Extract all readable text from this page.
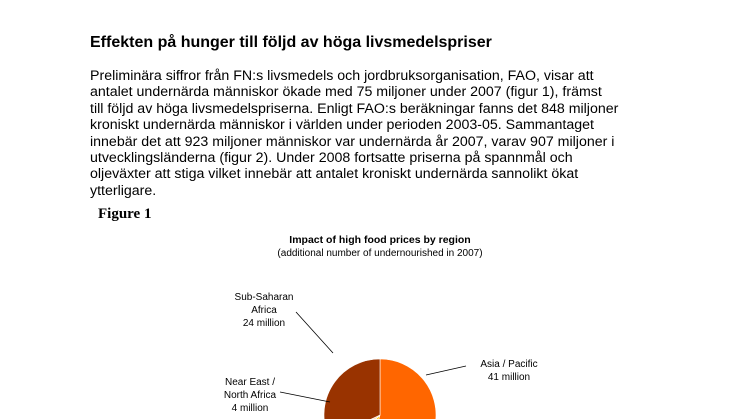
Effekten på hunger till följd av höga livsmedelspriser
Preliminära siffror från FN:s livsmedels och jordbruksorganisation, FAO, visar att
antalet undernärda människor ökade med 75 miljoner under 2007 (figur 1), främst
till följd av höga livsmedelspriserna. Enligt FAO:s beräkningar fanns det 848 miljoner
kroniskt undernärda människor i världen under perioden 2003-05. Sammantaget
innebär det att 923 miljoner människor var undernärda år 2007, varav 907 miljoner i
utvecklingsländerna (figur 2). Under 2008 fortsatte priserna på spannmål och
oljeväxter att stiga vilket innebär att antalet kroniskt undernärda sannolikt ökat
ytterligare.
Figure 1
Impact of high food prices by region
(additional number of undernourished in 2007)
Sub-Saharan
Africa
24 million
Asia / Pacific
41 million
Near East /
North Africa
4 million
